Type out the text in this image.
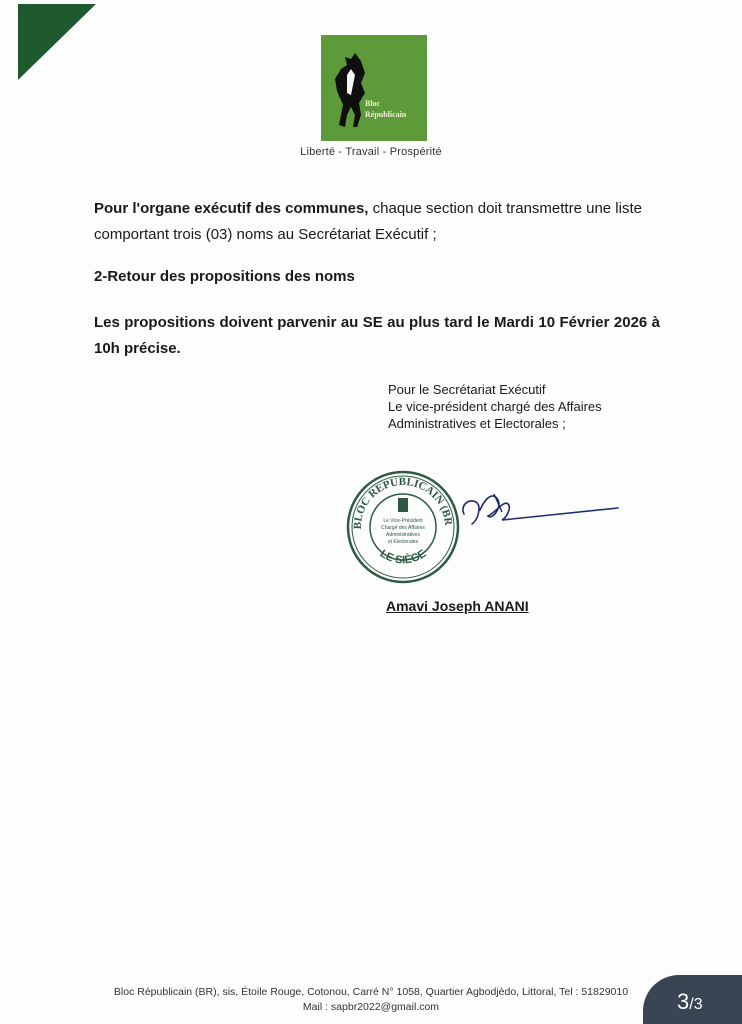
Bloc
Républicain
Liberté - Travail - Prospérité
Pour l'organe exécutif des communes, chaque section doit transmettre une liste comportant trois (03) noms au Secrétariat Exécutif ;
2-Retour des propositions des noms
Les propositions doivent parvenir au SE au plus tard le Mardi 10 Février 2026 à 10h précise.
Pour le Secrétariat Exécutif
Le vice-président chargé des Affaires
Administratives et Electorales ;
BLOC REPUBLICAIN (BR
LE SIÈGE
Le Vice-Président
Chargé des Affaires
Administratives
et Electorales
Amavi Joseph ANANI
Bloc Républicain (BR), sis, Étoile Rouge, Cotonou, Carré N° 1058, Quartier Agbodjèdo, Littoral, Tel : 51829010
Mail : sapbr2022@gmail.com	3/3
